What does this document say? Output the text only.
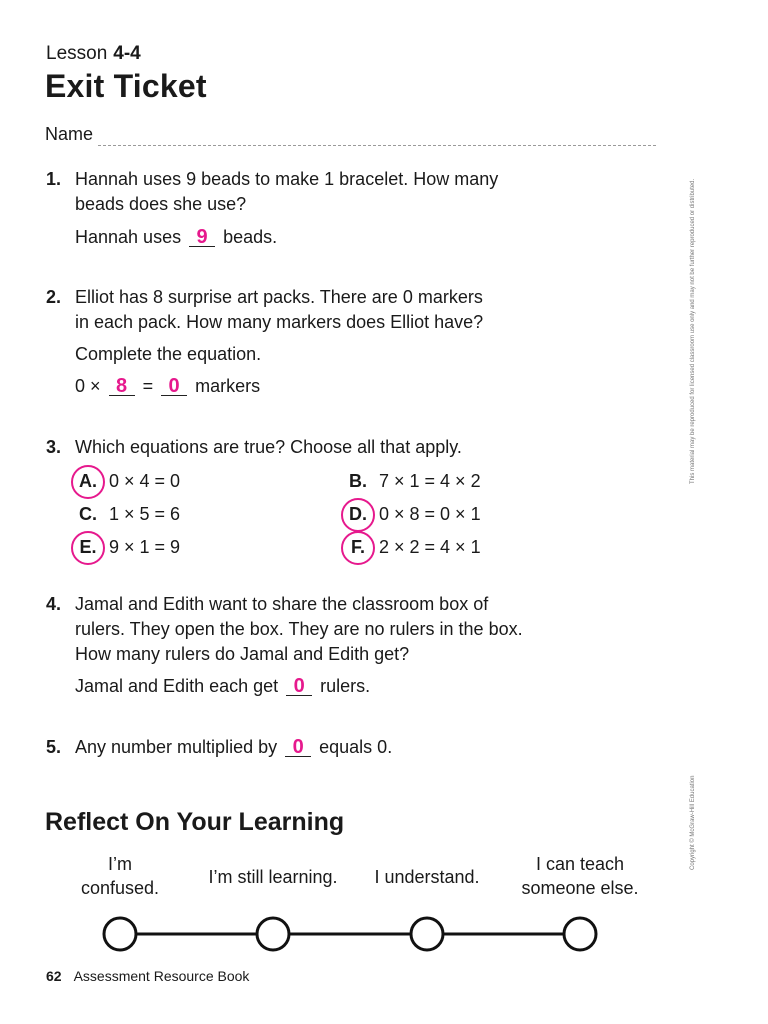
Lesson 4-4
Exit Ticket
Name
1. Hannah uses 9 beads to make 1 bracelet. How many

beads does she use?

Hannah uses 9 beads.

2. Elliot has 8 surprise art packs. There are 0 markers

in each pack. How many markers does Elliot have?

Complete the equation.

0 × 8 = 0 markers

3. Which equations are true? Choose all that apply.

A. 0 × 4 = 0	B. 7 × 1 = 4 × 2
C. 1 × 5 = 6	D. 0 × 8 = 0 × 1
E. 9 × 1 = 9	F. 2 × 2 = 4 × 1
4. Jamal and Edith want to share the classroom box of

rulers. They open the box. They are no rulers in the box.

How many rulers do Jamal and Edith get?

Jamal and Edith each get 0 rulers.

5. Any number multiplied by 0 equals 0.

Reflect On Your Learning
I’m
confused.
I’m still learning. I understand.
I can teach
someone else.
62 Assessment Resource Book
This material may be reproduced for licensed classroom use only and may not be further reproduced or distributed.
Copyright © McGraw-Hill Education
